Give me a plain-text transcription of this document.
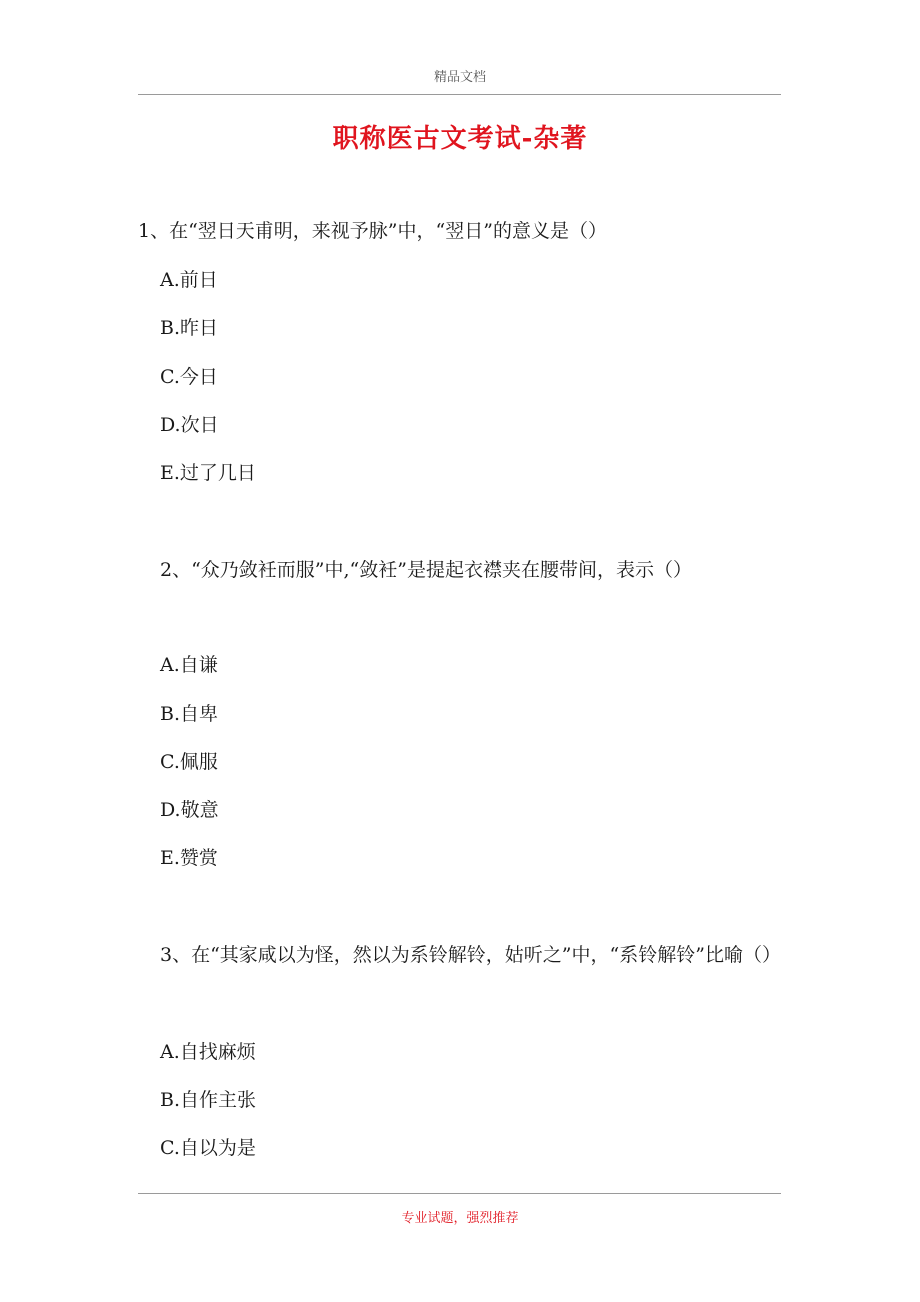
精品文档
职称医古文考试-杂著
1、在“翌日天甫明，来视予脉”中，“翌日”的意义是（）
A.前日
B.昨日
C.今日
D.次日
E.过了几日
2、“众乃敛衽而服”中,“敛衽”是提起衣襟夹在腰带间，表示（）
A.自谦
B.自卑
C.佩服
D.敬意
E.赞赏
3、在“其家咸以为怪，然以为系铃解铃，姑听之”中，“系铃解铃”比喻（）
A.自找麻烦
B.自作主张
C.自以为是
专业试题，强烈推荐
